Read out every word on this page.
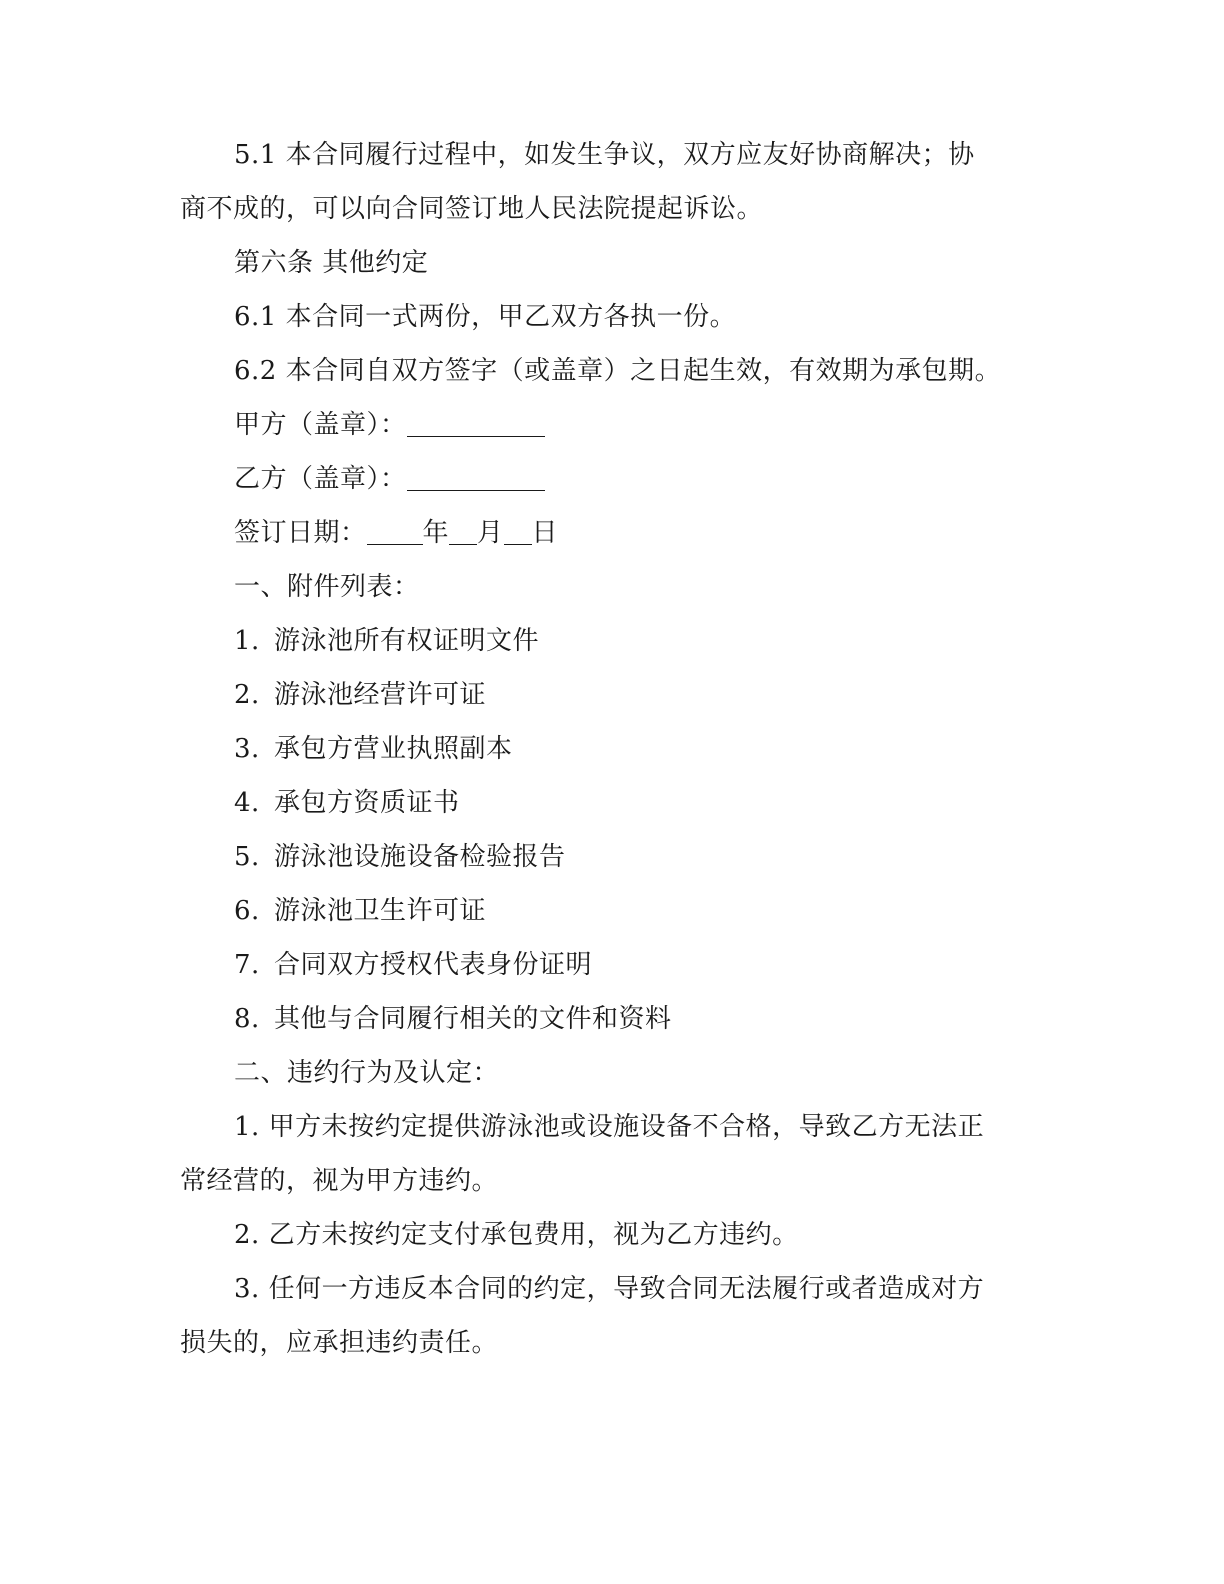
5.1 本合同履行过程中，如发生争议，双方应友好协商解决；协
商不成的，可以向合同签订地人民法院提起诉讼。
第六条 其他约定
6.1 本合同一式两份，甲乙双方各执一份。
6.2 本合同自双方签字（或盖章）之日起生效，有效期为承包期。
甲方（盖章）：
乙方（盖章）：
签订日期： 年 月 日
一、附件列表：
1. 游泳池所有权证明文件
2. 游泳池经营许可证
3. 承包方营业执照副本
4. 承包方资质证书
5. 游泳池设施设备检验报告
6. 游泳池卫生许可证
7. 合同双方授权代表身份证明
8. 其他与合同履行相关的文件和资料
二、违约行为及认定：
1. 甲方未按约定提供游泳池或设施设备不合格，导致乙方无法正
常经营的，视为甲方违约。
2. 乙方未按约定支付承包费用，视为乙方违约。
3. 任何一方违反本合同的约定，导致合同无法履行或者造成对方
损失的，应承担违约责任。
